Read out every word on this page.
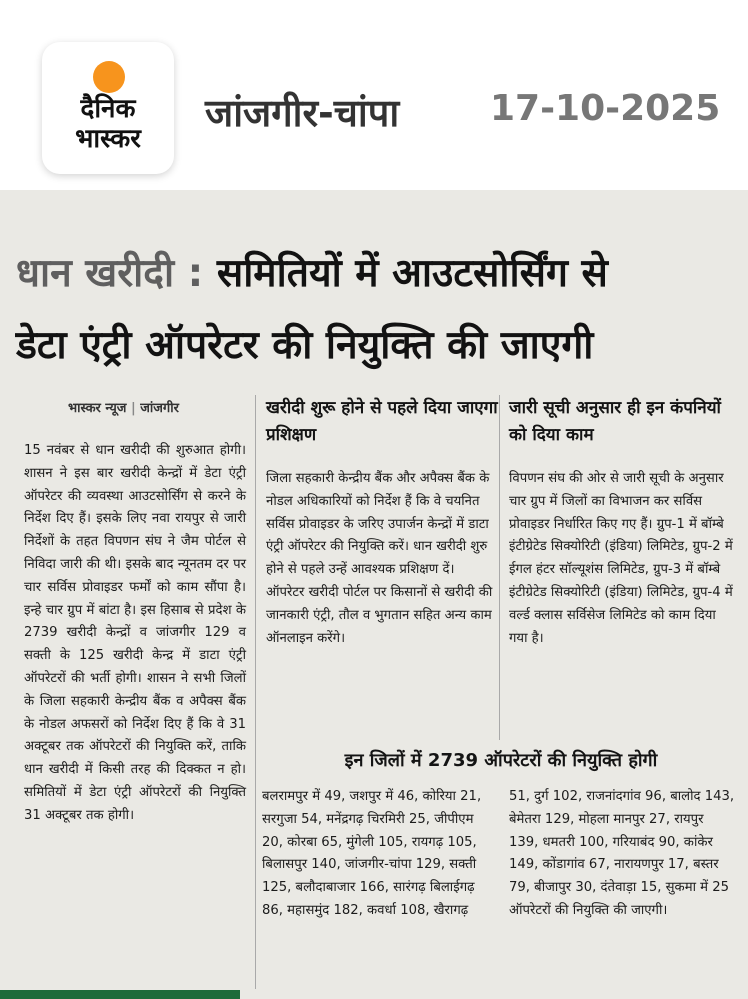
दैनिक
भास्कर
जांजगीर-चांपा	17-10-2025
धान खरीदी : समितियों में आउटसोर्सिंग से
डेटा एंट्री ऑपरेटर की नियुक्ति की जाएगी
भास्कर न्यूज | जांजगीर
15 नवंबर से धान खरीदी की शुरुआत होगी। शासन ने इस बार खरीदी केन्द्रों में डेटा एंट्री ऑपरेटर की व्यवस्था आउटसोर्सिंग से करने के निर्देश दिए हैं। इसके लिए नवा रायपुर से जारी निर्देशों के तहत विपणन संघ ने जैम पोर्टल से निविदा जारी की थी। इसके बाद न्यूनतम दर पर चार सर्विस प्रोवाइडर फर्मों को काम सौंपा है। इन्हे चार ग्रुप में बांटा है। इस हिसाब से प्रदेश के 2739 खरीदी केन्द्रों व जांजगीर 129 व सक्ती के 125 खरीदी केन्द्र में डाटा एंट्री ऑपरेटरों की भर्ती होगी। शासन ने सभी जिलों के जिला सहकारी केन्द्रीय बैंक व अपैक्स बैंक के नोडल अफसरों को निर्देश दिए हैं कि वे 31 अक्टूबर तक ऑपरेटरों की नियुक्ति करें, ताकि धान खरीदी में किसी तरह की दिक्कत न हो। समितियों में डेटा एंट्री ऑपरेटरों की नियुक्ति 31 अक्टूबर तक होगी।
खरीदी शुरू होने से पहले दिया जाएगा प्रशिक्षण
जिला सहकारी केन्द्रीय बैंक और अपैक्स बैंक के नोडल अधिकारियों को निर्देश हैं कि वे चयनित सर्विस प्रोवाइडर के जरिए उपार्जन केन्द्रों में डाटा एंट्री ऑपरेटर की नियुक्ति करें। धान खरीदी शुरु होने से पहले उन्हें आवश्यक प्रशिक्षण दें। ऑपरेटर खरीदी पोर्टल पर किसानों से खरीदी की जानकारी एंट्री, तौल व भुगतान सहित अन्य काम ऑनलाइन करेंगे।
जारी सूची अनुसार ही इन कंपनियों को दिया काम
विपणन संघ की ओर से जारी सूची के अनुसार चार ग्रुप में जिलों का विभाजन कर सर्विस प्रोवाइडर निर्धारित किए गए हैं। ग्रुप-1 में बॉम्बे इंटीग्रेटेड सिक्योरिटी (इंडिया) लिमिटेड, ग्रुप-2 में ईगल हंटर सॉल्यूशंस लिमिटेड, ग्रुप-3 में बॉम्बे इंटीग्रेटेड सिक्योरिटी (इंडिया) लिमिटेड, ग्रुप-4 में वर्ल्ड क्लास सर्विसेज लिमिटेड को काम दिया गया है।
इन जिलों में 2739 ऑपरेटरों की नियुक्ति होगी
बलरामपुर में 49, जशपुर में 46, कोरिया 21, सरगुजा 54, मनेंद्रगढ़ चिरमिरी 25, जीपीएम 20, कोरबा 65, मुंगेली 105, रायगढ़ 105, बिलासपुर 140, जांजगीर-चांपा 129, सक्ती 125, बलौदाबाजार 166, सारंगढ़ बिलाईगढ़ 86, महासमुंद 182, कवर्धा 108, खैरागढ़
51, दुर्ग 102, राजनांदगांव 96, बालोद 143, बेमेतरा 129, मोहला मानपुर 27, रायपुर 139, धमतरी 100, गरियाबंद 90, कांकेर 149, कोंडागांव 67, नारायणपुर 17, बस्तर 79, बीजापुर 30, दंतेवाड़ा 15, सुकमा में 25 ऑपरेटरों की नियुक्ति की जाएगी।
